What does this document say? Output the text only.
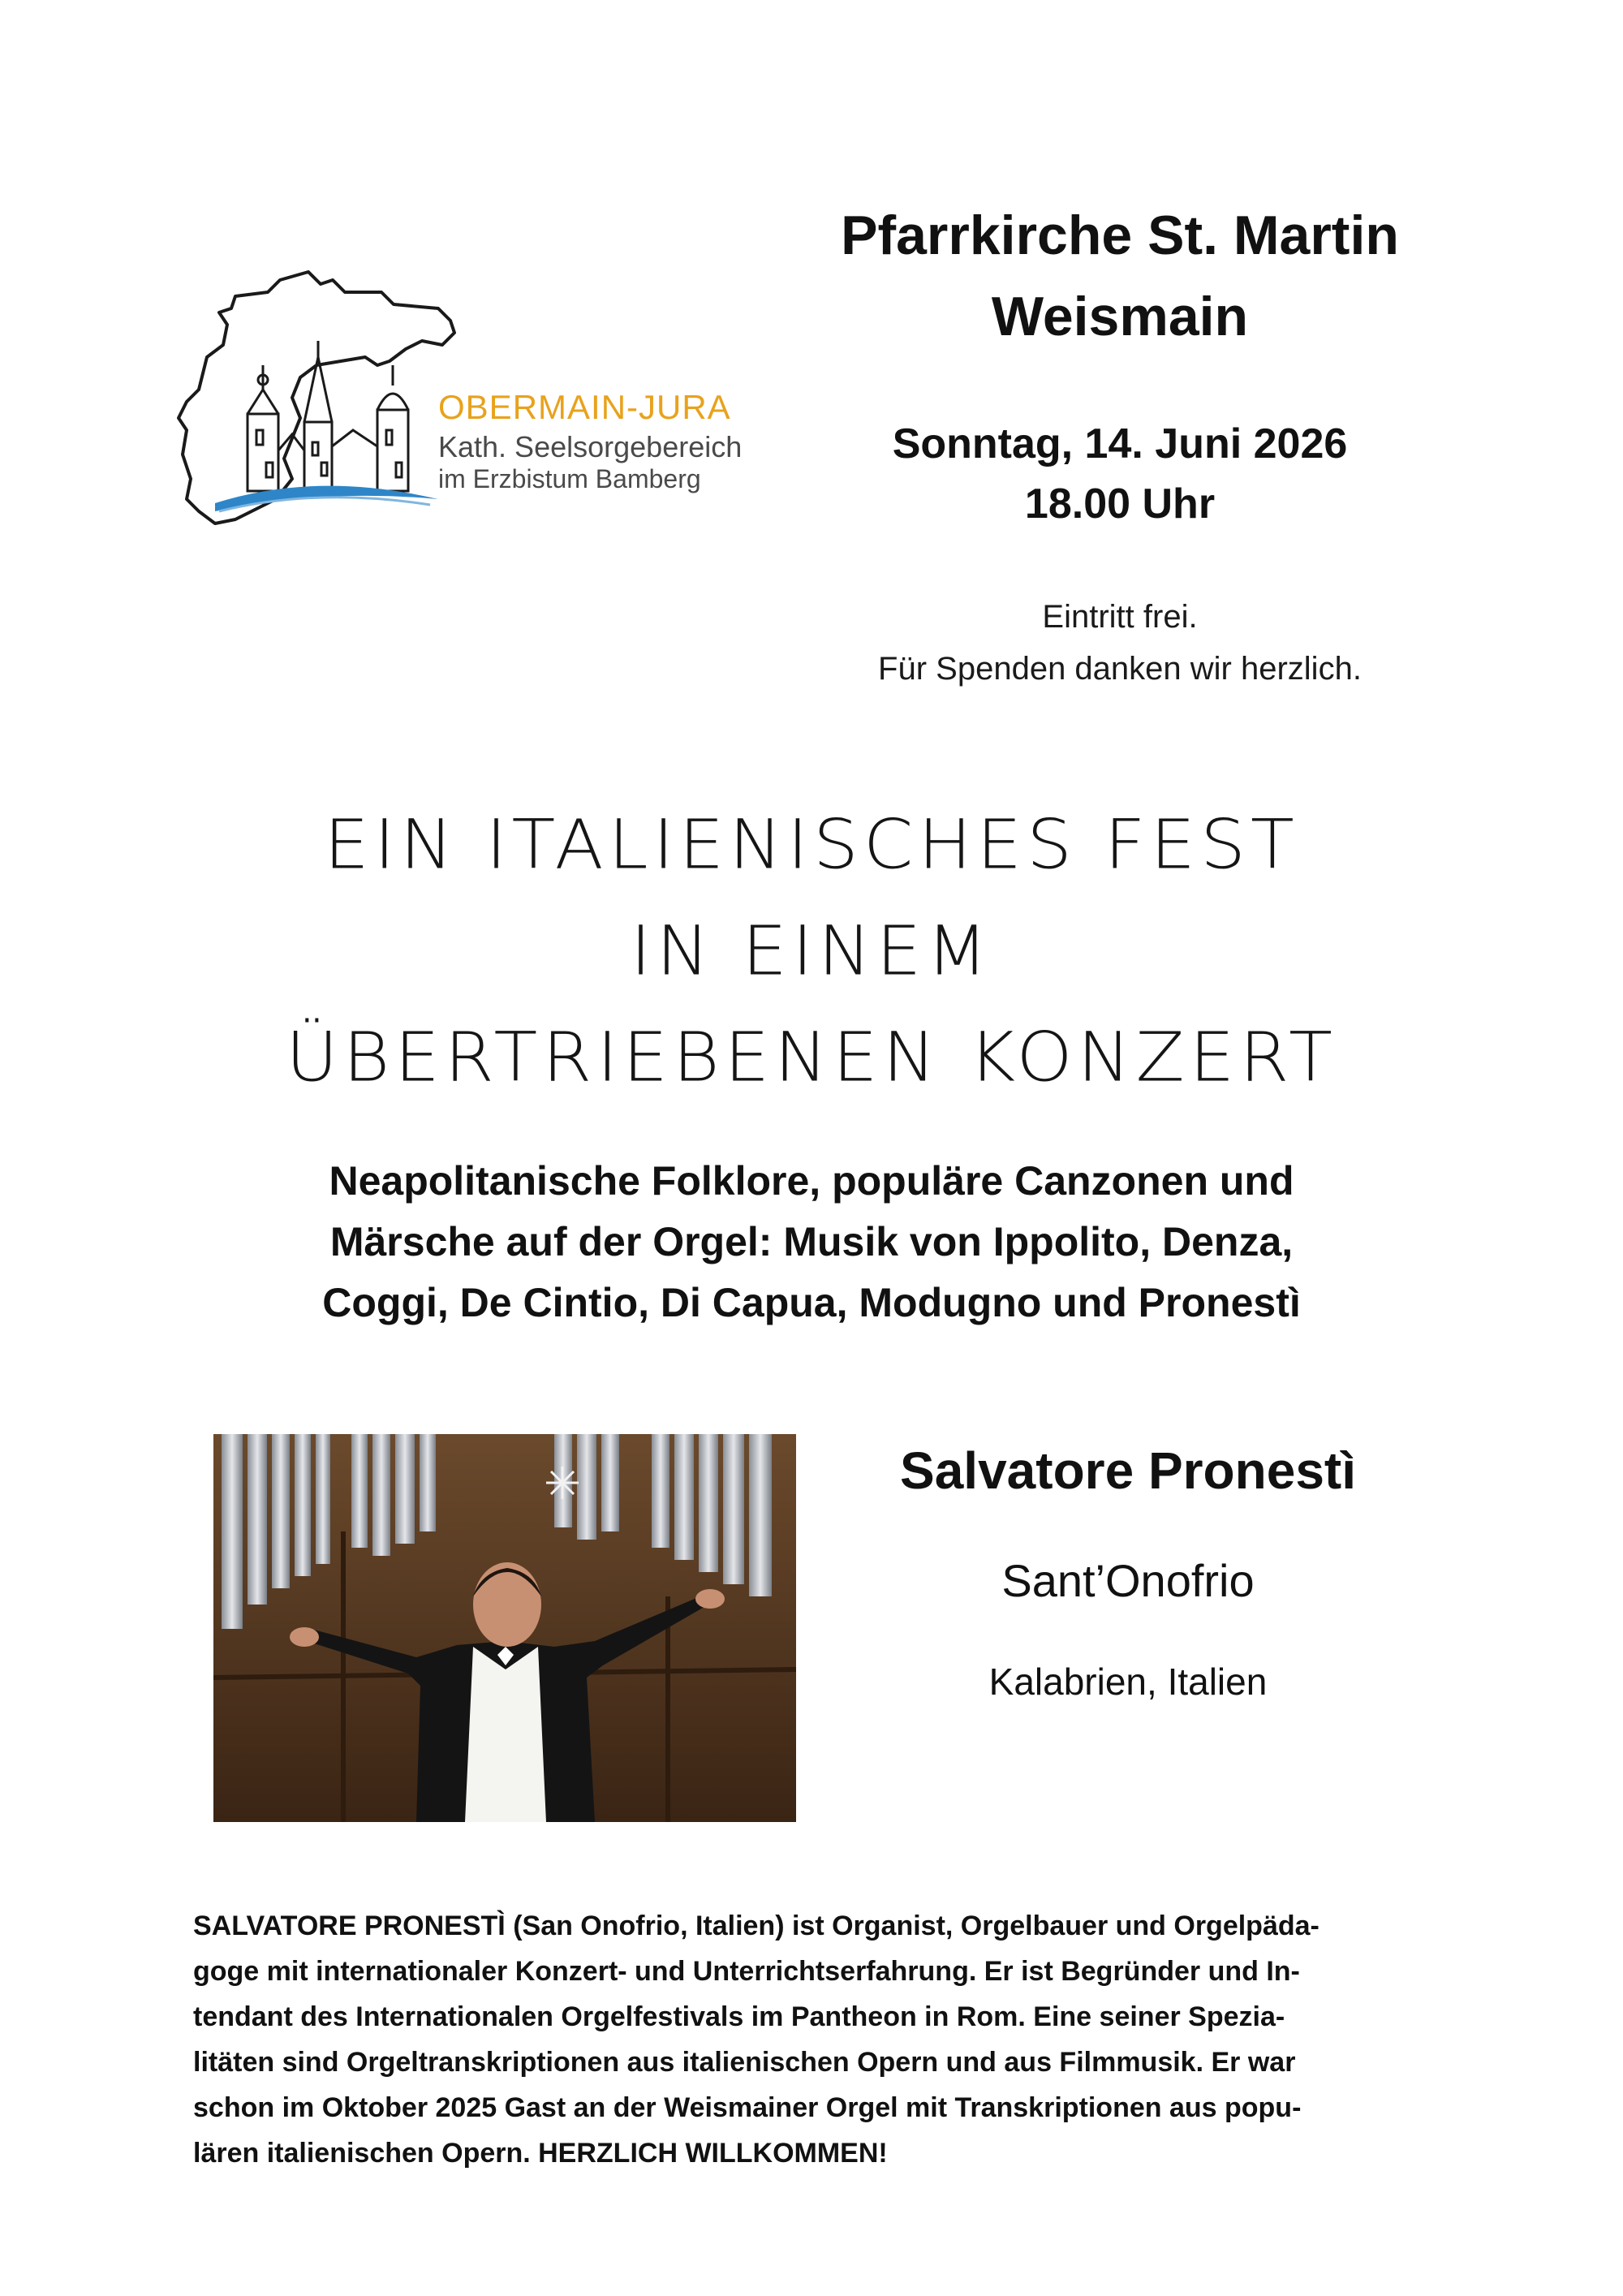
OBERMAIN-JURA
Kath. Seelsorgebereich
im Erzbistum Bamberg
Pfarrkirche St. Martin
Weismain
Sonntag, 14. Juni 2026
18.00 Uhr
Eintritt frei.
Für Spenden danken wir herzlich.
EIN ITALIENISCHES FEST
IN EINEM
ÜBERTRIEBENEN KONZERT
Neapolitanische Folklore, populäre Canzonen und
Märsche auf der Orgel: Musik von Ippolito, Denza,
Coggi, De Cintio, Di Capua, Modugno und Pronestì
Salvatore Pronestì
Sant’Onofrio
Kalabrien, Italien
SALVATORE PRONESTÌ (San Onofrio, Italien) ist Organist, Orgelbauer und Orgelpäda-
goge mit internationaler Konzert- und Unterrichtserfahrung. Er ist Begründer und In-
tendant des Internationalen Orgelfestivals im Pantheon in Rom. Eine seiner Spezia-
litäten sind Orgeltranskriptionen aus italienischen Opern und aus Filmmusik. Er war
schon im Oktober 2025 Gast an der Weismainer Orgel mit Transkriptionen aus popu-
lären italienischen Opern. HERZLICH WILLKOMMEN!
